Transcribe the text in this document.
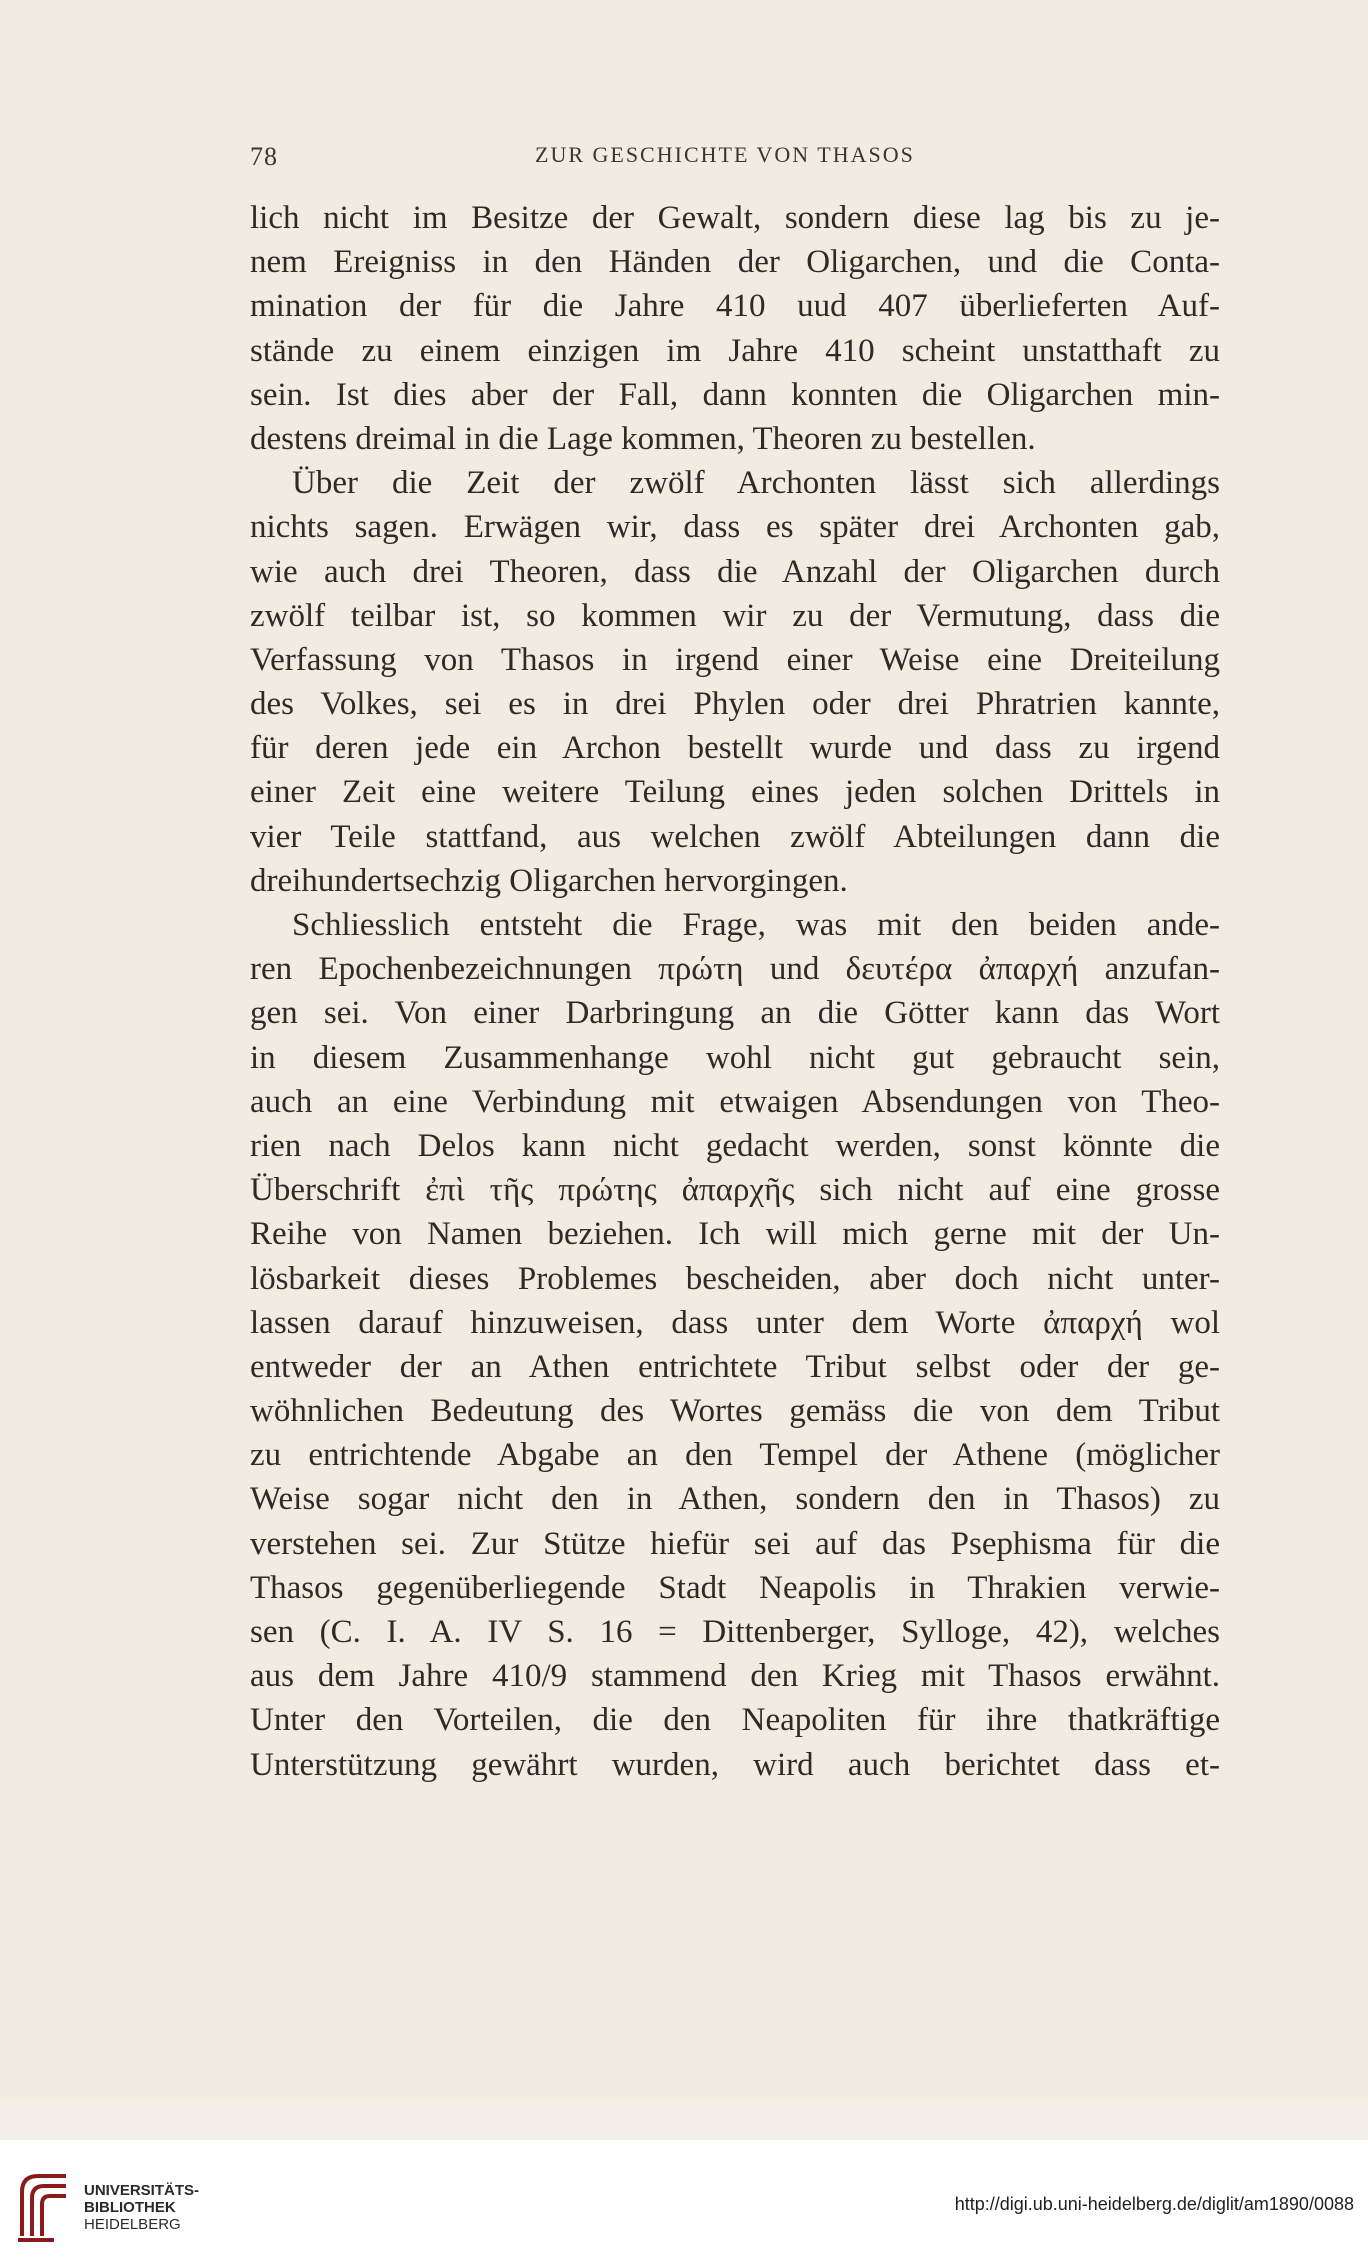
78	ZUR GESCHICHTE VON THASOS
lich nicht im Besitze der Gewalt, sondern diese lag bis zu je-
nem Ereigniss in den Händen der Oligarchen, und die Conta-
mination der für die Jahre 410 uud 407 überlieferten Auf-
stände zu einem einzigen im Jahre 410 scheint unstatthaft zu
sein. Ist dies aber der Fall, dann konnten die Oligarchen min-
destens dreimal in die Lage kommen, Theoren zu bestellen.
Über die Zeit der zwölf Archonten lässt sich allerdings
nichts sagen. Erwägen wir, dass es später drei Archonten gab,
wie auch drei Theoren, dass die Anzahl der Oligarchen durch
zwölf teilbar ist, so kommen wir zu der Vermutung, dass die
Verfassung von Thasos in irgend einer Weise eine Dreiteilung
des Volkes, sei es in drei Phylen oder drei Phratrien kannte,
für deren jede ein Archon bestellt wurde und dass zu irgend
einer Zeit eine weitere Teilung eines jeden solchen Drittels in
vier Teile stattfand, aus welchen zwölf Abteilungen dann die
dreihundertsechzig Oligarchen hervorgingen.
Schliesslich entsteht die Frage, was mit den beiden ande-
ren Epochenbezeichnungen πρώτη und δευτέρα ἀπαρχή anzufan-
gen sei. Von einer Darbringung an die Götter kann das Wort
in diesem Zusammenhange wohl nicht gut gebraucht sein,
auch an eine Verbindung mit etwaigen Absendungen von Theo-
rien nach Delos kann nicht gedacht werden, sonst könnte die
Überschrift ἐπὶ τῆς πρώτης ἀπαρχῆς sich nicht auf eine grosse
Reihe von Namen beziehen. Ich will mich gerne mit der Un-
lösbarkeit dieses Problemes bescheiden, aber doch nicht unter-
lassen darauf hinzuweisen, dass unter dem Worte ἀπαρχή wol
entweder der an Athen entrichtete Tribut selbst oder der ge-
wöhnlichen Bedeutung des Wortes gemäss die von dem Tribut
zu entrichtende Abgabe an den Tempel der Athene (möglicher
Weise sogar nicht den in Athen, sondern den in Thasos) zu
verstehen sei. Zur Stütze hiefür sei auf das Psephisma für die
Thasos gegenüberliegende Stadt Neapolis in Thrakien verwie-
sen (C. I. A. IV S. 16 = Dittenberger, Sylloge, 42), welches
aus dem Jahre 410/9 stammend den Krieg mit Thasos erwähnt.
Unter den Vorteilen, die den Neapoliten für ihre thatkräftige
Unterstützung gewährt wurden, wird auch berichtet dass et-
UNIVERSITÄTS-
BIBLIOTHEK
HEIDELBERG
http://digi.ub.uni-heidelberg.de/diglit/am1890/0088
